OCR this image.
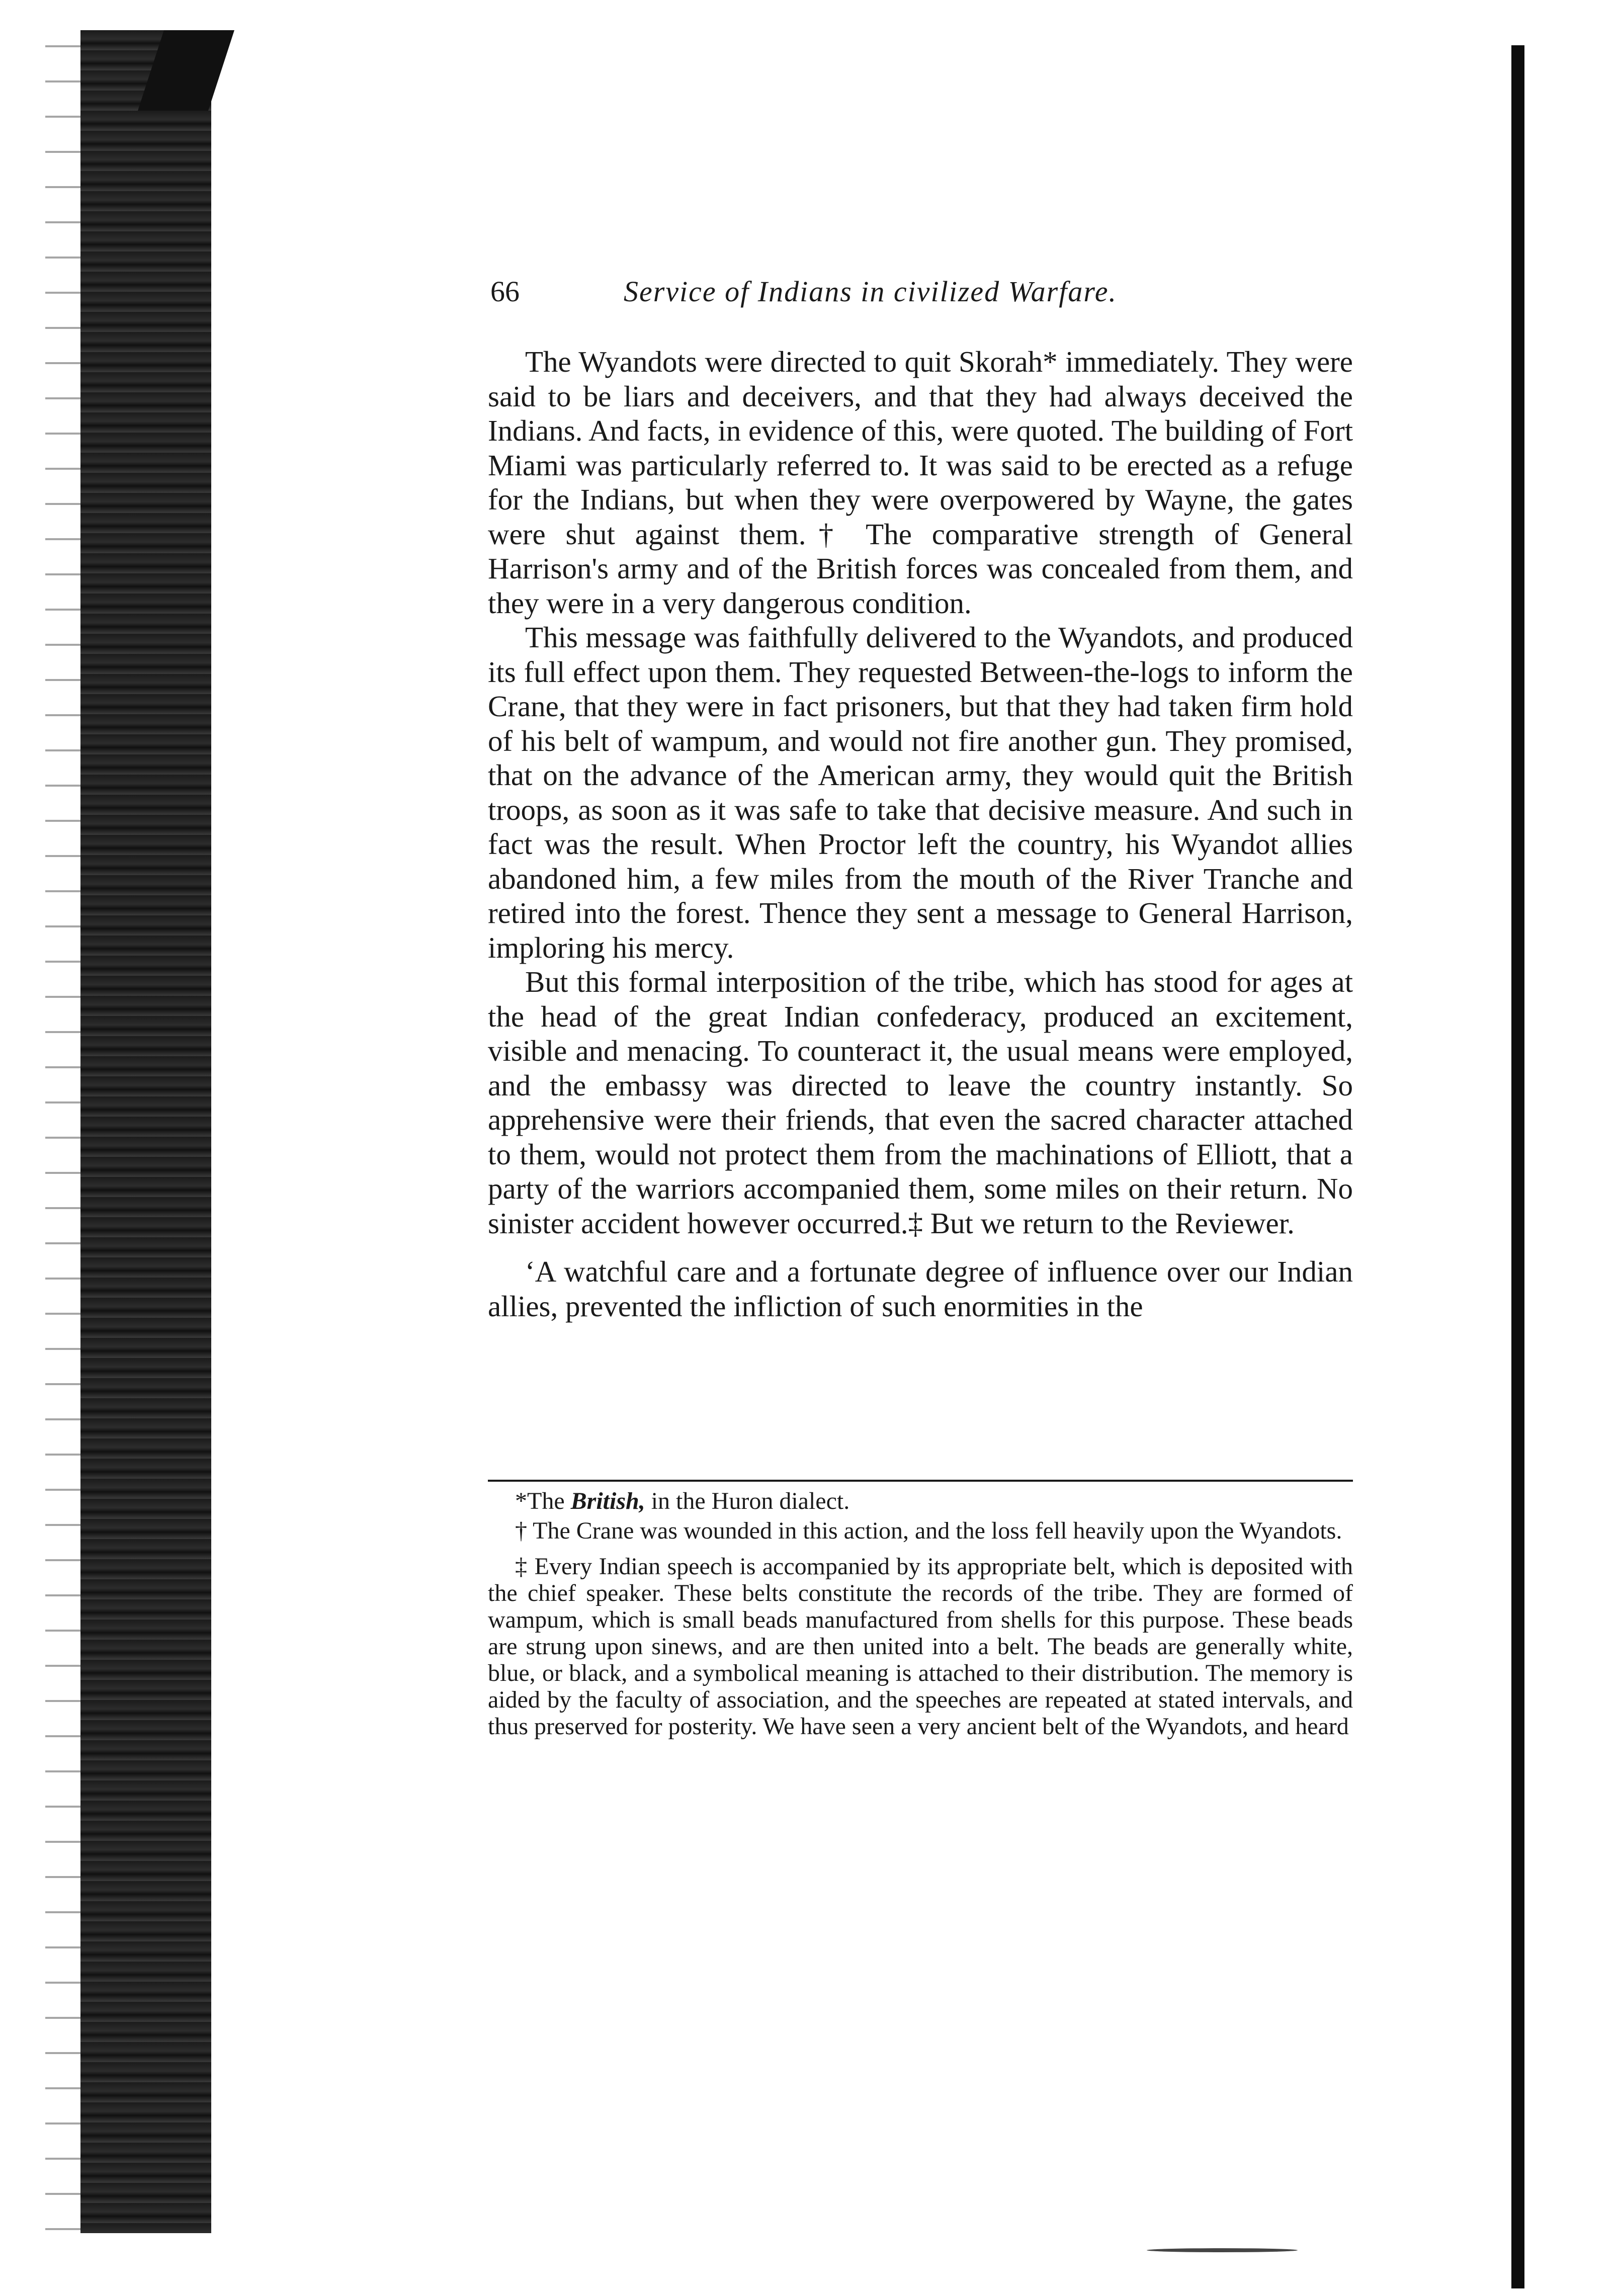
66	Service of Indians in civilized Warfare.

The Wyandots were directed to quit Skorah* immediately. They were said to be liars and deceivers, and that they had always deceived the Indians. And facts, in evidence of this, were quoted. The building of Fort Miami was particularly referred to. It was said to be erected as a refuge for the Indians, but when they were overpowered by Wayne, the gates were shut against them.† The comparative strength of General Harrison's army and of the British forces was concealed from them, and they were in a very dangerous condition.

This message was faithfully delivered to the Wyandots, and produced its full effect upon them. They requested Between-the-logs to inform the Crane, that they were in fact prisoners, but that they had taken firm hold of his belt of wampum, and would not fire another gun. They promised, that on the advance of the American army, they would quit the British troops, as soon as it was safe to take that decisive measure. And such in fact was the result. When Proctor left the country, his Wyandot allies abandoned him, a few miles from the mouth of the River Tranche and retired into the forest. Thence they sent a message to General Harrison, imploring his mercy.

But this formal interposition of the tribe, which has stood for ages at the head of the great Indian confederacy, produced an excitement, visible and menacing. To counteract it, the usual means were employed, and the embassy was directed to leave the country instantly. So apprehensive were their friends, that even the sacred character attached to them, would not protect them from the machinations of Elliott, that a party of the warriors accompanied them, some miles on their return. No sinister accident however occurred.‡ But we return to the Reviewer.

‘A watchful care and a fortunate degree of influence over our Indian allies, prevented the infliction of such enormities in the

*The British, in the Huron dialect.

† The Crane was wounded in this action, and the loss fell heavily upon the Wyandots.

‡ Every Indian speech is accompanied by its appropriate belt, which is deposited with the chief speaker. These belts constitute the records of the tribe. They are formed of wampum, which is small beads manufactured from shells for this purpose. These beads are strung upon sinews, and are then united into a belt. The beads are generally white, blue, or black, and a symbolical meaning is attached to their distribution. The memory is aided by the faculty of association, and the speeches are repeated at stated intervals, and thus preserved for posterity. We have seen a very ancient belt of the Wyandots, and heard
